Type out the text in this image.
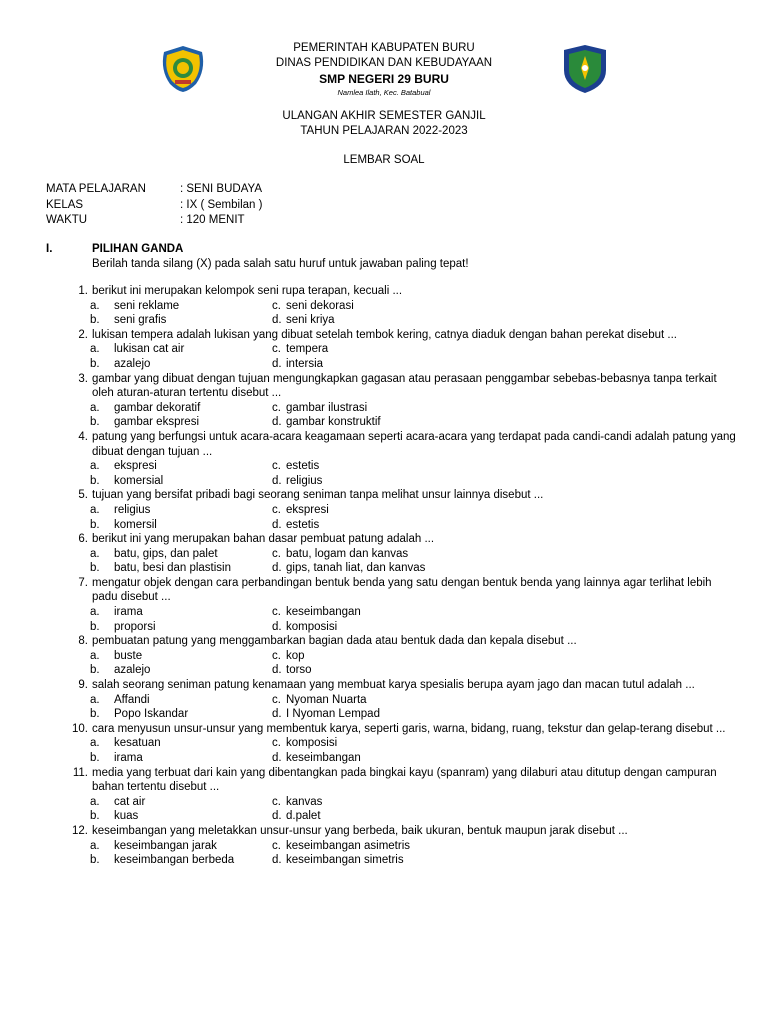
PEMERINTAH KABUPATEN BURU
DINAS PENDIDIKAN DAN KEBUDAYAAN
SMP NEGERI 29 BURU
Namlea Ilath, Kec. Batabual
ULANGAN AKHIR SEMESTER GANJIL
TAHUN PELAJARAN 2022-2023
LEMBAR SOAL
MATA PELAJARAN	: SENI BUDAYA
KELAS	: IX ( Sembilan )
WAKTU	: 120 MENIT
I.	PILIHAN GANDA
Berilah tanda silang (X) pada salah satu huruf untuk jawaban paling tepat!
1. berikut ini merupakan kelompok seni rupa terapan, kecuali ...
a.	seni reklame	c. seni dekorasi
b.	seni grafis	d. seni kriya
2. lukisan tempera adalah lukisan yang dibuat setelah tembok kering, catnya diaduk dengan bahan perekat disebut ...
a.	lukisan cat air	c. tempera
b.	azalejo	d. intersia
3. gambar yang dibuat dengan tujuan mengungkapkan gagasan atau perasaan penggambar sebebas-bebasnya tanpa terkait oleh aturan-aturan tertentu disebut ...
a.	gambar dekoratif	c. gambar ilustrasi
b.	gambar ekspresi	d. gambar konstruktif
4. patung yang berfungsi untuk acara-acara keagamaan seperti acara-acara yang terdapat pada candi-candi adalah patung yang dibuat dengan tujuan ...
a.	ekspresi	c. estetis
b.	komersial	d. religius
5. tujuan yang bersifat pribadi bagi seorang seniman tanpa melihat unsur lainnya disebut ...
a.	religius	c. ekspresi
b.	komersil	d. estetis
6. berikut ini yang merupakan bahan dasar pembuat patung adalah ...
a.	batu, gips, dan palet	c. batu, logam dan kanvas
b.	batu, besi dan plastisin	d. gips, tanah liat, dan kanvas
7. mengatur objek dengan cara perbandingan bentuk benda yang satu dengan bentuk benda yang lainnya agar terlihat lebih padu disebut ...
a.	irama	c. keseimbangan
b.	proporsi	d. komposisi
8. pembuatan patung yang menggambarkan bagian dada atau bentuk dada dan kepala disebut ...
a.	buste	c. kop
b.	azalejo	d. torso
9. salah seorang seniman patung kenamaan yang membuat karya spesialis berupa ayam jago dan macan tutul adalah ...
a.	Affandi	c. Nyoman Nuarta
b.	Popo Iskandar	d. I Nyoman Lempad
10. cara menyusun unsur-unsur yang membentuk karya, seperti garis, warna, bidang, ruang, tekstur dan gelap-terang disebut ...
a.	kesatuan	c. komposisi
b.	irama	d. keseimbangan
11. media yang terbuat dari kain yang dibentangkan pada bingkai kayu (spanram) yang dilaburi atau ditutup dengan campuran bahan tertentu disebut ...
a.	cat air	c. kanvas
b.	kuas	d. d.palet
12. keseimbangan yang meletakkan unsur-unsur yang berbeda, baik ukuran, bentuk maupun jarak disebut ...
a.	keseimbangan jarak	c. keseimbangan asimetris
b.	keseimbangan berbeda	d. keseimbangan simetris
